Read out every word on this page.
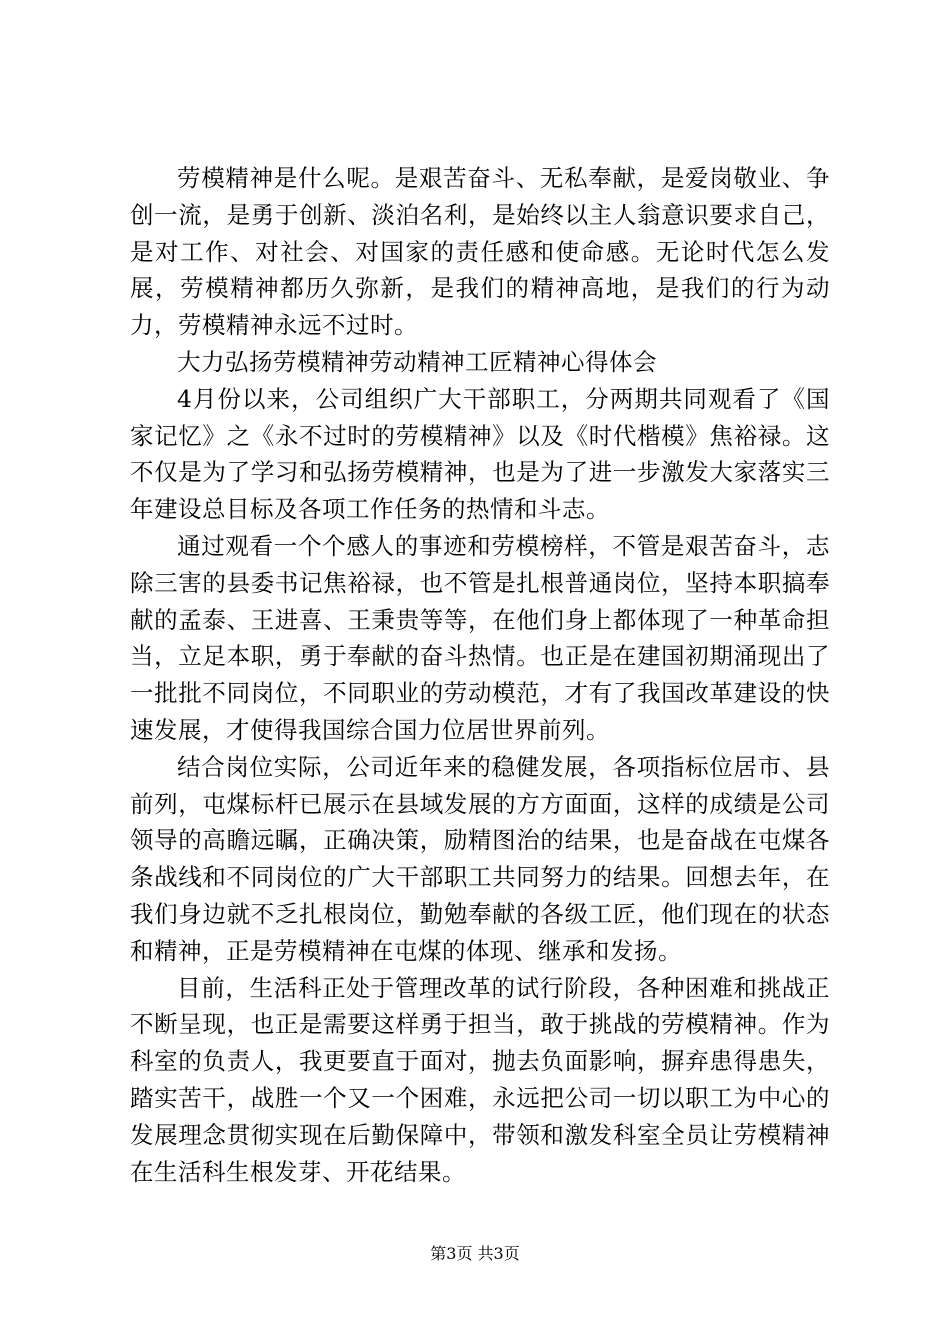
劳模精神是什么呢。是艰苦奋斗、无私奉献，是爱岗敬业、争创一流，是勇于创新、淡泊名利，是始终以主人翁意识要求自己，是对工作、对社会、对国家的责任感和使命感。无论时代怎么发展，劳模精神都历久弥新，是我们的精神高地，是我们的行为动力，劳模精神永远不过时。

大力弘扬劳模精神劳动精神工匠精神心得体会

4月份以来，公司组织广大干部职工，分两期共同观看了《国家记忆》之《永不过时的劳模精神》以及《时代楷模》焦裕禄。这不仅是为了学习和弘扬劳模精神，也是为了进一步激发大家落实三年建设总目标及各项工作任务的热情和斗志。

通过观看一个个感人的事迹和劳模榜样，不管是艰苦奋斗，志除三害的县委书记焦裕禄，也不管是扎根普通岗位，坚持本职搞奉献的孟泰、王进喜、王秉贵等等，在他们身上都体现了一种革命担当，立足本职，勇于奉献的奋斗热情。也正是在建国初期涌现出了一批批不同岗位，不同职业的劳动模范，才有了我国改革建设的快速发展，才使得我国综合国力位居世界前列。

结合岗位实际，公司近年来的稳健发展，各项指标位居市、县前列，屯煤标杆已展示在县域发展的方方面面，这样的成绩是公司领导的高瞻远瞩，正确决策，励精图治的结果，也是奋战在屯煤各条战线和不同岗位的广大干部职工共同努力的结果。回想去年，在我们身边就不乏扎根岗位，勤勉奉献的各级工匠，他们现在的状态和精神，正是劳模精神在屯煤的体现、继承和发扬。

目前，生活科正处于管理改革的试行阶段，各种困难和挑战正不断呈现，也正是需要这样勇于担当，敢于挑战的劳模精神。作为科室的负责人，我更要直于面对，抛去负面影响，摒弃患得患失，踏实苦干，战胜一个又一个困难，永远把公司一切以职工为中心的发展理念贯彻实现在后勤保障中，带领和激发科室全员让劳模精神在生活科生根发芽、开花结果。

第3页 共3页
